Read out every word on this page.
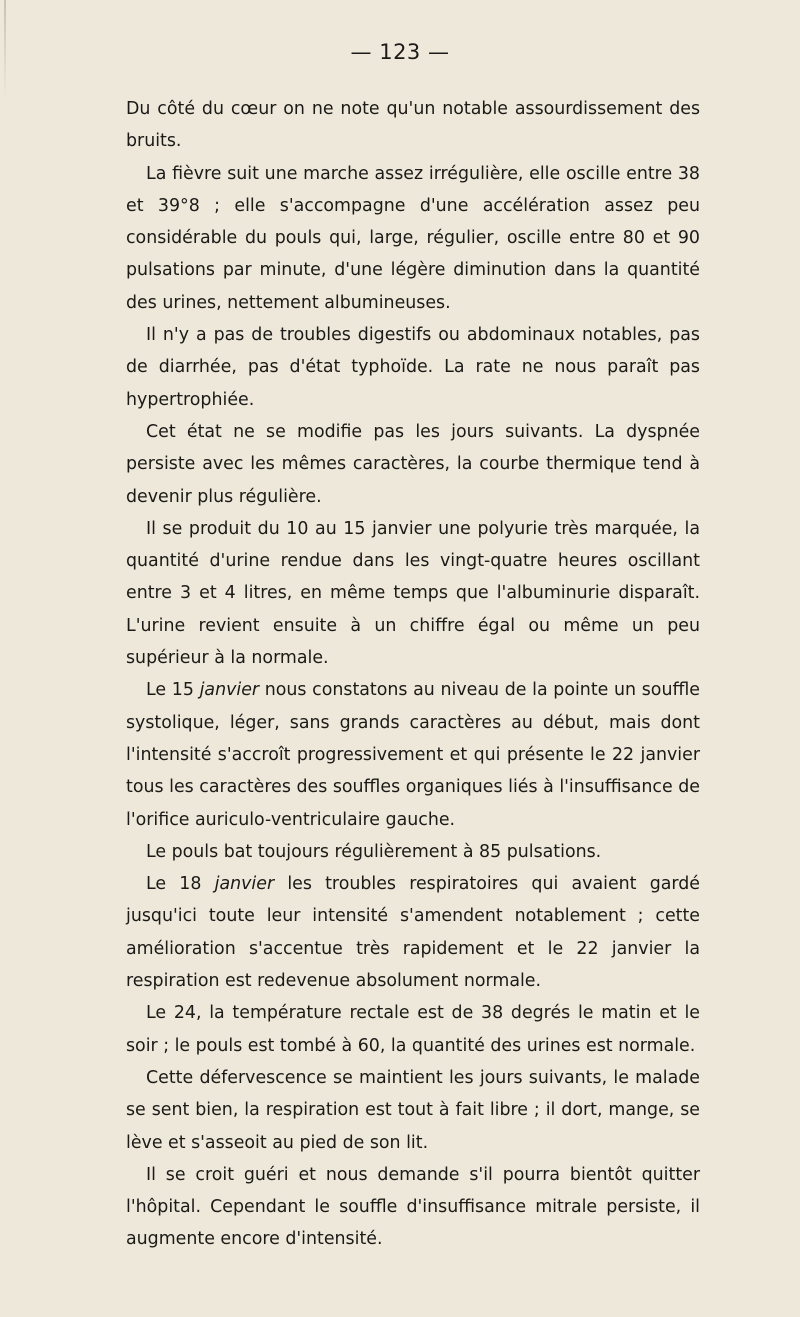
— 123 —

Du côté du cœur on ne note qu'un notable assourdissement des bruits.

La fièvre suit une marche assez irrégulière, elle oscille entre 38 et 39°8 ; elle s'accompagne d'une accélération assez peu considérable du pouls qui, large, régulier, oscille entre 80 et 90 pulsations par minute, d'une légère diminution dans la quantité des urines, nettement albumineuses.

Il n'y a pas de troubles digestifs ou abdominaux notables, pas de diarrhée, pas d'état typhoïde. La rate ne nous paraît pas hypertrophiée.

Cet état ne se modifie pas les jours suivants. La dyspnée persiste avec les mêmes caractères, la courbe thermique tend à devenir plus régulière.

Il se produit du 10 au 15 janvier une polyurie très marquée, la quantité d'urine rendue dans les vingt-quatre heures oscillant entre 3 et 4 litres, en même temps que l'albuminurie disparaît. L'urine revient ensuite à un chiffre égal ou même un peu supérieur à la normale.

Le 15 janvier nous constatons au niveau de la pointe un souffle systolique, léger, sans grands caractères au début, mais dont l'intensité s'accroît progressivement et qui présente le 22 janvier tous les caractères des souffles organiques liés à l'insuffisance de l'orifice auriculo-ventriculaire gauche.

Le pouls bat toujours régulièrement à 85 pulsations.

Le 18 janvier les troubles respiratoires qui avaient gardé jusqu'ici toute leur intensité s'amendent notablement ; cette amélioration s'accentue très rapidement et le 22 janvier la respiration est redevenue absolument normale.

Le 24, la température rectale est de 38 degrés le matin et le soir ; le pouls est tombé à 60, la quantité des urines est normale.

Cette défervescence se maintient les jours suivants, le malade se sent bien, la respiration est tout à fait libre ; il dort, mange, se lève et s'asseoit au pied de son lit.

Il se croit guéri et nous demande s'il pourra bientôt quitter l'hôpital. Cependant le souffle d'insuffisance mitrale persiste, il augmente encore d'intensité.
